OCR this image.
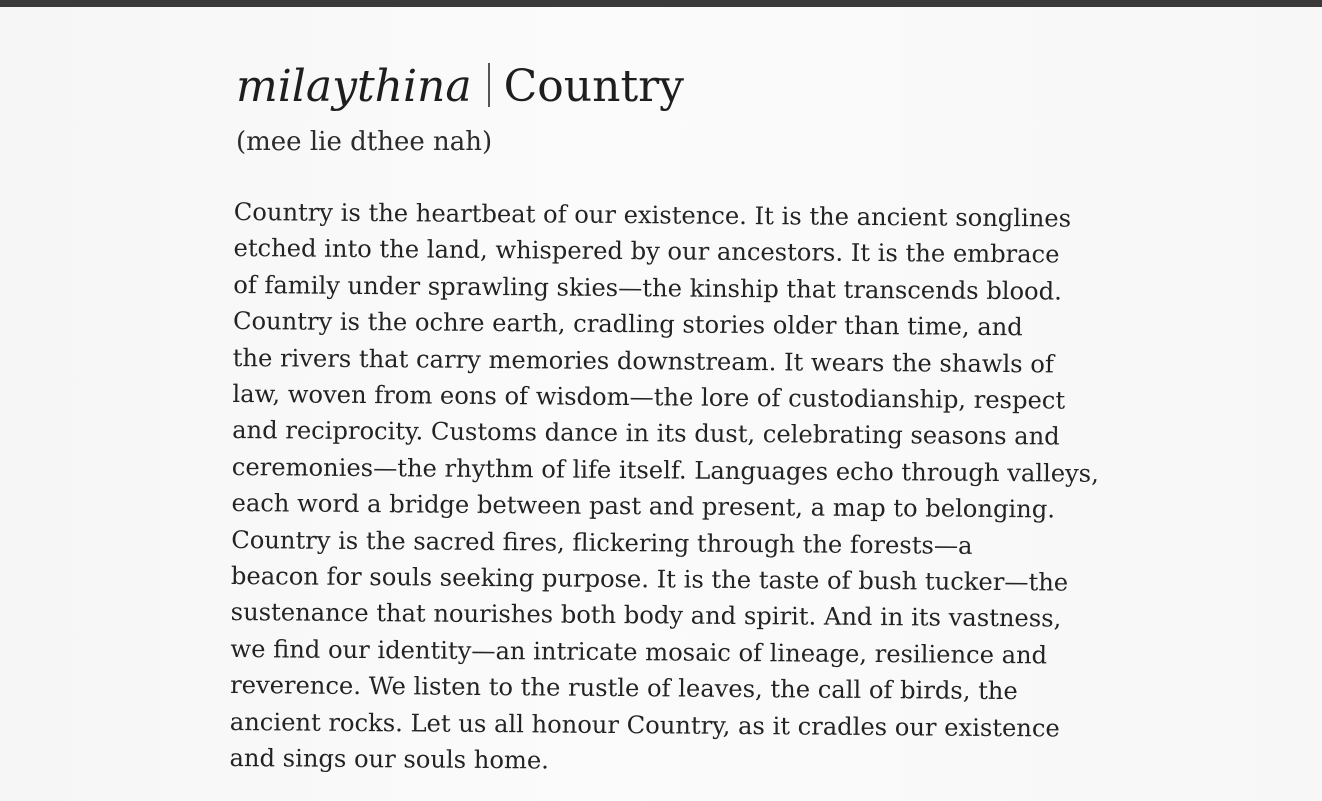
milaythina Country
(mee lie dthee nah)
Country is the heartbeat of our existence. It is the ancient songlines
etched into the land, whispered by our ancestors. It is the embrace
of family under sprawling skies—the kinship that transcends blood.
Country is the ochre earth, cradling stories older than time, and
the rivers that carry memories downstream. It wears the shawls of
law, woven from eons of wisdom—the lore of custodianship, respect
and reciprocity. Customs dance in its dust, celebrating seasons and
ceremonies—the rhythm of life itself. Languages echo through valleys,
each word a bridge between past and present, a map to belonging.
Country is the sacred fires, flickering through the forests—a
beacon for souls seeking purpose. It is the taste of bush tucker—the
sustenance that nourishes both body and spirit. And in its vastness,
we find our identity—an intricate mosaic of lineage, resilience and
reverence. We listen to the rustle of leaves, the call of birds, the
ancient rocks. Let us all honour Country, as it cradles our existence
and sings our souls home.
